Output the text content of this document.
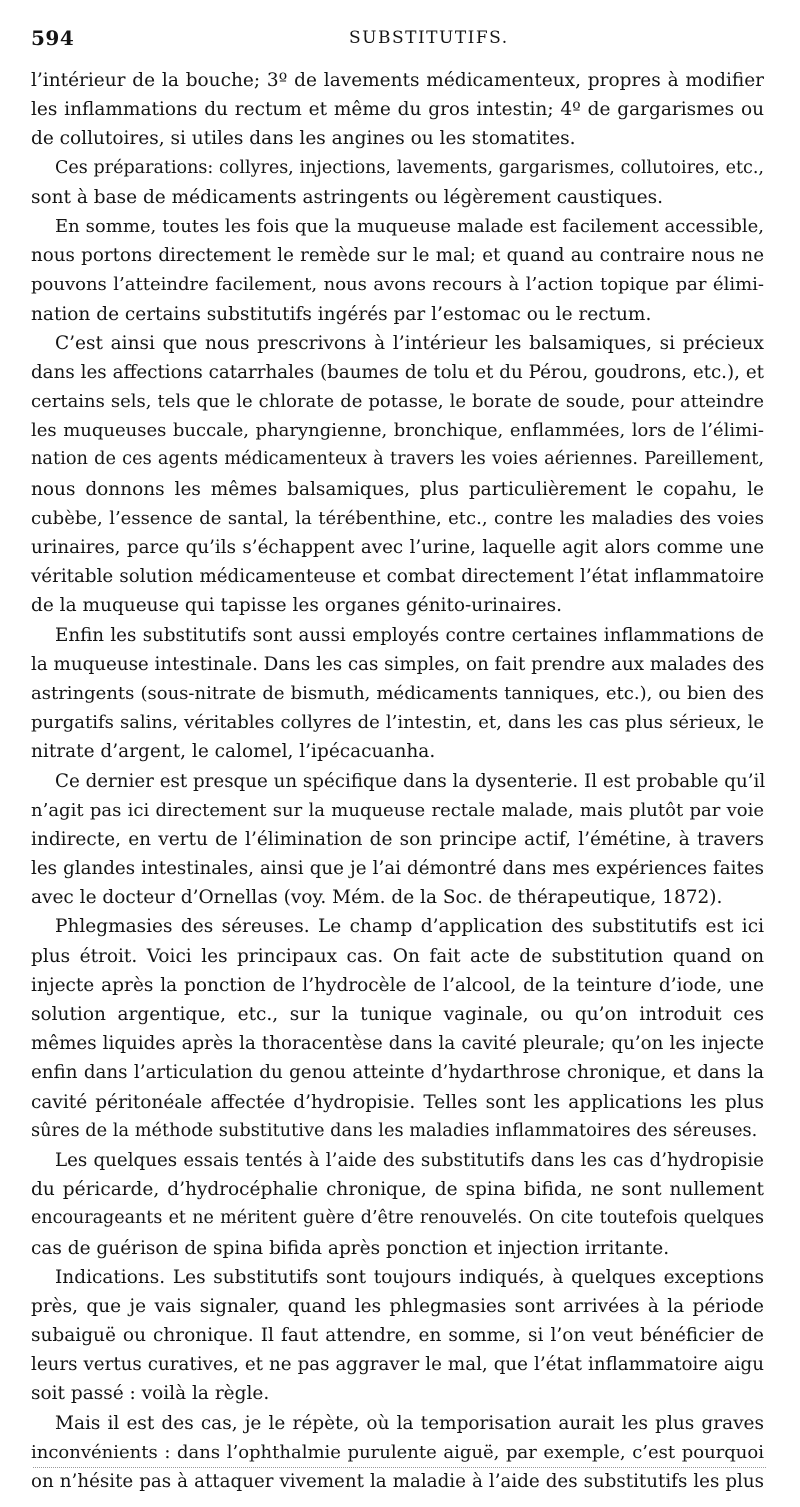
594	SUBSTITUTIFS.
l’intérieur de la bouche; 3º de lavements médicamenteux, propres à modifier
les inflammations du rectum et même du gros intestin; 4º de gargarismes ou
de collutoires, si utiles dans les angines ou les stomatites.
Ces préparations: collyres, injections, lavements, gargarismes, collutoires, etc.,
sont à base de médicaments astringents ou légèrement caustiques.
En somme, toutes les fois que la muqueuse malade est facilement accessible,
nous portons directement le remède sur le mal; et quand au contraire nous ne
pouvons l’atteindre facilement, nous avons recours à l’action topique par élimi-
nation de certains substitutifs ingérés par l’estomac ou le rectum.
C’est ainsi que nous prescrivons à l’intérieur les balsamiques, si précieux
dans les affections catarrhales (baumes de tolu et du Pérou, goudrons, etc.), et
certains sels, tels que le chlorate de potasse, le borate de soude, pour atteindre
les muqueuses buccale, pharyngienne, bronchique, enflammées, lors de l’élimi-
nation de ces agents médicamenteux à travers les voies aériennes. Pareillement,
nous donnons les mêmes balsamiques, plus particulièrement le copahu, le
cubèbe, l’essence de santal, la térébenthine, etc., contre les maladies des voies
urinaires, parce qu’ils s’échappent avec l’urine, laquelle agit alors comme une
véritable solution médicamenteuse et combat directement l’état inflammatoire
de la muqueuse qui tapisse les organes génito-urinaires.
Enfin les substitutifs sont aussi employés contre certaines inflammations de
la muqueuse intestinale. Dans les cas simples, on fait prendre aux malades des
astringents (sous-nitrate de bismuth, médicaments tanniques, etc.), ou bien des
purgatifs salins, véritables collyres de l’intestin, et, dans les cas plus sérieux, le
nitrate d’argent, le calomel, l’ipécacuanha.
Ce dernier est presque un spécifique dans la dysenterie. Il est probable qu’il
n’agit pas ici directement sur la muqueuse rectale malade, mais plutôt par voie
indirecte, en vertu de l’élimination de son principe actif, l’émétine, à travers
les glandes intestinales, ainsi que je l’ai démontré dans mes expériences faites
avec le docteur d’Ornellas (voy. Mém. de la Soc. de thérapeutique, 1872).
Phlegmasies des séreuses. Le champ d’application des substitutifs est ici
plus étroit. Voici les principaux cas. On fait acte de substitution quand on
injecte après la ponction de l’hydrocèle de l’alcool, de la teinture d’iode, une
solution argentique, etc., sur la tunique vaginale, ou qu’on introduit ces
mêmes liquides après la thoracentèse dans la cavité pleurale; qu’on les injecte
enfin dans l’articulation du genou atteinte d’hydarthrose chronique, et dans la
cavité péritonéale affectée d’hydropisie. Telles sont les applications les plus
sûres de la méthode substitutive dans les maladies inflammatoires des séreuses.
Les quelques essais tentés à l’aide des substitutifs dans les cas d’hydropisie
du péricarde, d’hydrocéphalie chronique, de spina bifida, ne sont nullement
encourageants et ne méritent guère d’être renouvelés. On cite toutefois quelques
cas de guérison de spina bifida après ponction et injection irritante.
Indications. Les substitutifs sont toujours indiqués, à quelques exceptions
près, que je vais signaler, quand les phlegmasies sont arrivées à la période
subaiguë ou chronique. Il faut attendre, en somme, si l’on veut bénéficier de
leurs vertus curatives, et ne pas aggraver le mal, que l’état inflammatoire aigu
soit passé : voilà la règle.
Mais il est des cas, je le répète, où la temporisation aurait les plus graves
inconvénients : dans l’ophthalmie purulente aiguë, par exemple, c’est pourquoi
on n’hésite pas à attaquer vivement la maladie à l’aide des substitutifs les plus
